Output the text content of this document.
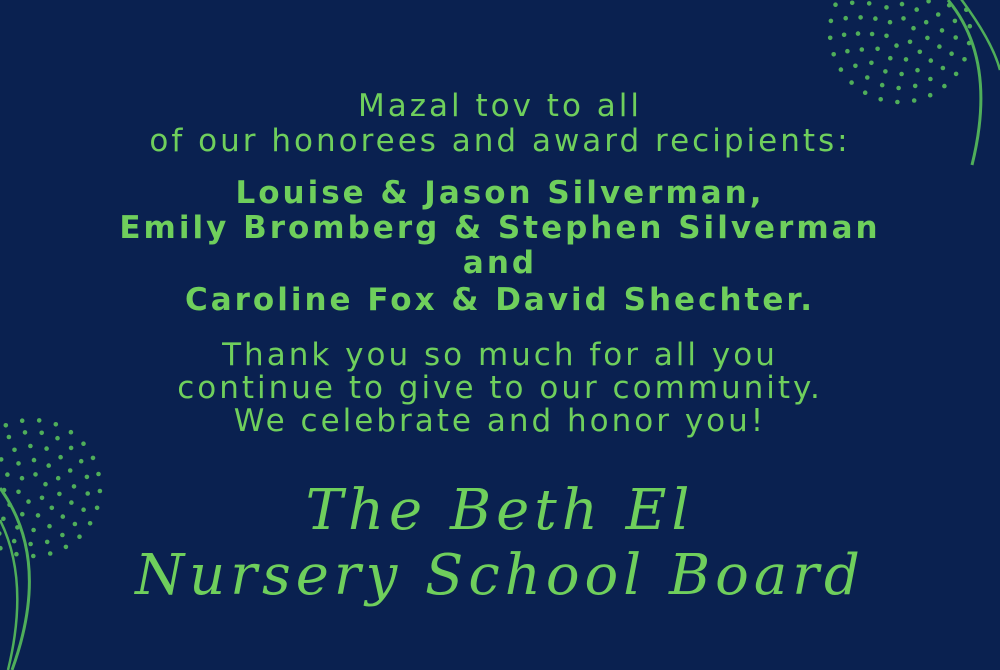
Mazal tov to all
of our honorees and award recipients:
Louise & Jason Silverman,
Emily Bromberg & Stephen Silverman
and
Caroline Fox & David Shechter.
Thank you so much for all you
continue to give to our community.
We celebrate and honor you!
The Beth El
Nursery School Board
